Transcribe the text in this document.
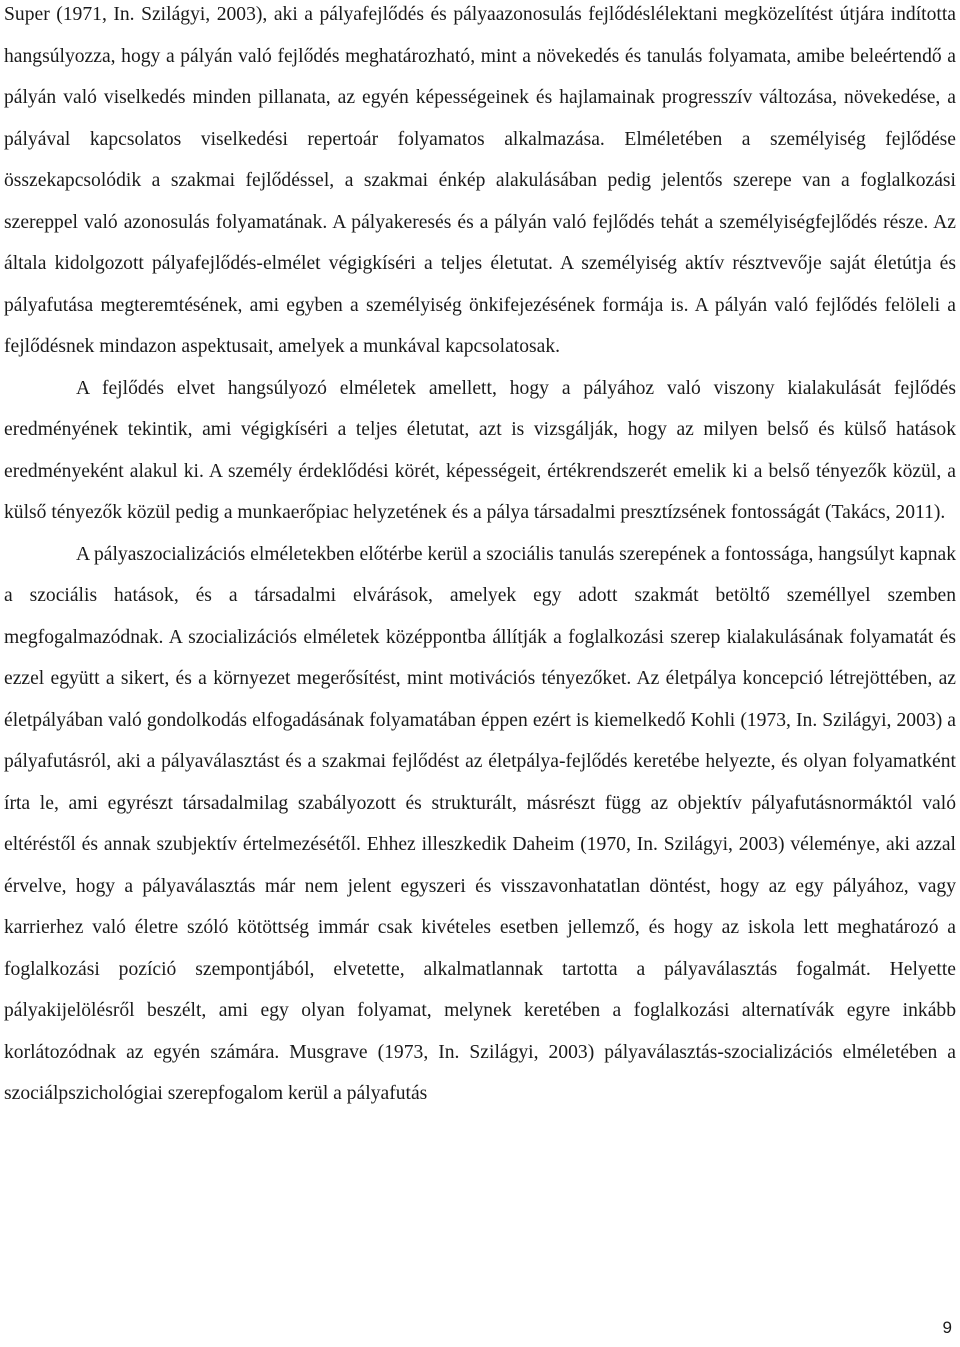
Super (1971, In. Szilágyi, 2003), aki a pályafejlődés és pályaazonosulás fejlődéslélektani megközelítést útjára indította hangsúlyozza, hogy a pályán való fejlődés meghatározható, mint a növekedés és tanulás folyamata, amibe beleértendő a pályán való viselkedés minden pillanata, az egyén képességeinek és hajlamainak progresszív változása, növekedése, a pályával kapcsolatos viselkedési repertoár folyamatos alkalmazása. Elméletében a személyiség fejlődése összekapcsolódik a szakmai fejlődéssel, a szakmai énkép alakulásában pedig jelentős szerepe van a foglalkozási szereppel való azonosulás folyamatának. A pályakeresés és a pályán való fejlődés tehát a személyiségfejlődés része. Az általa kidolgozott pályafejlődés-elmélet végigkíséri a teljes életutat. A személyiség aktív résztvevője saját életútja és pályafutása megteremtésének, ami egyben a személyiség önkifejezésének formája is. A pályán való fejlődés felöleli a fejlődésnek mindazon aspektusait, amelyek a munkával kapcsolatosak.

A fejlődés elvet hangsúlyozó elméletek amellett, hogy a pályához való viszony kialakulását fejlődés eredményének tekintik, ami végigkíséri a teljes életutat, azt is vizsgálják, hogy az milyen belső és külső hatások eredményeként alakul ki. A személy érdeklődési körét, képességeit, értékrendszerét emelik ki a belső tényezők közül, a külső tényezők közül pedig a munkaerőpiac helyzetének és a pálya társadalmi presztízsének fontosságát (Takács, 2011).

A pályaszocializációs elméletekben előtérbe kerül a szociális tanulás szerepének a fontossága, hangsúlyt kapnak a szociális hatások, és a társadalmi elvárások, amelyek egy adott szakmát betöltő személlyel szemben megfogalmazódnak. A szocializációs elméletek középpontba állítják a foglalkozási szerep kialakulásának folyamatát és ezzel együtt a sikert, és a környezet megerősítést, mint motivációs tényezőket. Az életpálya koncepció létrejöttében, az életpályában való gondolkodás elfogadásának folyamatában éppen ezért is kiemelkedő Kohli (1973, In. Szilágyi, 2003) a pályafutásról, aki a pályaválasztást és a szakmai fejlődést az életpálya-fejlődés keretébe helyezte, és olyan folyamatként írta le, ami egyrészt társadalmilag szabályozott és strukturált, másrészt függ az objektív pályafutásnormáktól való eltéréstől és annak szubjektív értelmezésétől. Ehhez illeszkedik Daheim (1970, In. Szilágyi, 2003) véleménye, aki azzal érvelve, hogy a pályaválasztás már nem jelent egyszeri és visszavonhatatlan döntést, hogy az egy pályához, vagy karrierhez való életre szóló kötöttség immár csak kivételes esetben jellemző, és hogy az iskola lett meghatározó a foglalkozási pozíció szempontjából, elvetette, alkalmatlannak tartotta a pályaválasztás fogalmát. Helyette pályakijelölésről beszélt, ami egy olyan folyamat, melynek keretében a foglalkozási alternatívák egyre inkább korlátozódnak az egyén számára. Musgrave (1973, In. Szilágyi, 2003) pályaválasztás-szocializációs elméletében a szociálpszichológiai szerepfogalom kerül a pályafutás

9
